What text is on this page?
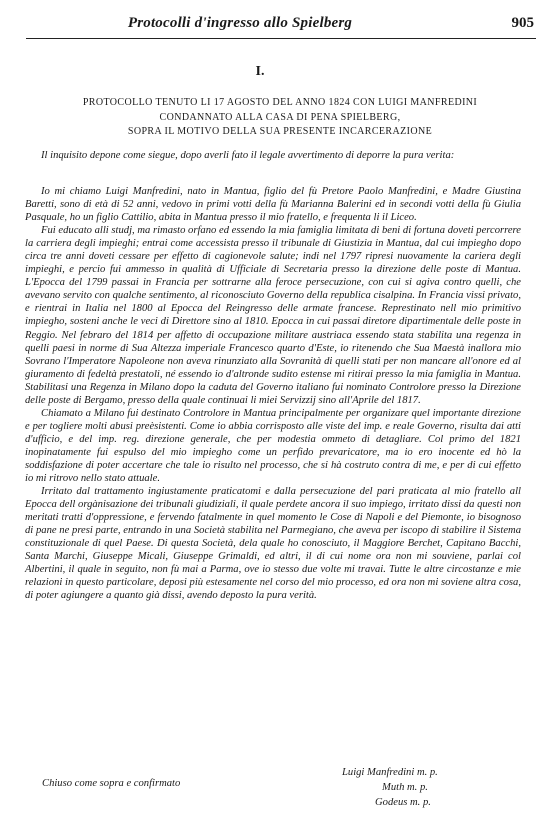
Protocolli d'ingresso allo Spielberg	905
I.
PROTOCOLLO TENUTO LI 17 AGOSTO DEL ANNO 1824 CON LUIGI MANFREDINI
CONDANNATO ALLA CASA DI PENA SPIELBERG,
SOPRA IL MOTIVO DELLA SUA PRESENTE INCARCERAZIONE

Il inquisito depone come siegue, dopo averli fato il legale avvertimento di deporre la pura verita:

Io mi chiamo Luigi Manfredini, nato in Mantua, figlio del fù Pretore Paolo Manfredini, e Madre Giustina Baretti, sono di età di 52 anni, vedovo in primi votti della fù Marianna Balerini ed in secondi votti della fù Giulia Pasquale, ho un figlio Cattilio, abita in Mantua presso il mio fratello, e frequenta li il Liceo.

Fui educato alli studj, ma rimasto orfano ed essendo la mia famiglia limitata di beni di fortuna doveti percorrere la carriera degli impieghi; entrai come accessista presso il tribunale di Giustizia in Mantua, dal cui impiegho dopo circa tre anni doveti cessare per effetto di cagionevole salute; indi nel 1797 ripresi nuovamente la cariera degli impieghi, e percio fui ammesso in qualità di Ufficiale di Secretaria presso la direzione delle poste di Mantua. L'Epocca del 1799 passai in Francia per sottrarne alla feroce persecuzione, con cui si agiva contro quelli, che avevano servito con qualche sentimento, al riconosciuto Governo della republica cisalpina. In Francia vissi privato, e rientrai in Italia nel 1800 al Epocca del Reingresso delle armate francese. Represtinato nell mio primitivo impiegho, sosteni anche le veci di Direttore sino al 1810. Epocca in cui passai diretore dipartimentale delle poste in Reggio. Nel febraro del 1814 per affetto di occupazione militare austriaca essendo stata stabilita una regenza in quelli paesi in norme di Sua Altezza imperiale Francesco quarto d'Este, io ritenendo che Sua Maestà inallora mio Sovrano l'Imperatore Napoleone non aveva rinunziato alla Sovranità di quelli stati per non mancare all'onore ed al giuramento di fedeltà prestatoli, né essendo io d'altronde sudito estense mi ritirai presso la mia famiglia in Mantua. Stabilitasi una Regenza in Milano dopo la caduta del Governo italiano fui nominato Controlore presso la Direzione delle poste di Bergamo, presso della quale continuai li miei Servizzij sino all'Aprile del 1817.

Chiamato a Milano fui destinato Controlore in Mantua principalmente per organizare quel importante direzione e per togliere molti abusi preèsistenti. Come io abbia corrisposto alle viste del imp. e reale Governo, risulta dai atti d'ufficio, e del imp. reg. direzione generale, che per modestia ommeto di detagliare. Col primo del 1821 inopinatamente fui espulso del mio impiegho come un perfido prevaricatore, ma io ero inocente ed hò la soddisfazione di poter accertare che tale io risulto nel processo, che si hà costruto contra di me, e per di cui effetto io mi ritrovo nello stato attuale.

Irritato dal trattamento ingiustamente praticatomi e dalla persecuzione del pari praticata al mio fratello all Epocca dell orgànisazione dei tribunali giudiziali, il quale perdete ancora il suo impiego, irritato dissi da questi non meritati tratti d'oppressione, e fervendo fatalmente in quel momento le Cose di Napoli e del Piemonte, io bisognoso di pane ne presi parte, entrando in una Società stabilita nel Parmegiano, che aveva per iscopo di stabilire il Sistema constituzionale di quel Paese. Di questa Società, dela quale ho conosciuto, il Maggiore Berchet, Capitano Bacchi, Santa Marchi, Giuseppe Micali, Giuseppe Grimaldi, ed altri, il di cui nome ora non mi souviene, parlai col Albertini, il quale in seguito, non fù mai a Parma, ove io stesso due volte mi travai. Tutte le altre circostanze e mie relazioni in questo particolare, deposi più estesamente nel corso del mio processo, ed ora non mi soviene altra cosa, di poter agiungere a quanto già dissi, avendo deposto la pura verità.

Chiuso come sopra e confirmato
Luigi Manfredini m. p.
Muth m. p.
Godeus m. p.
